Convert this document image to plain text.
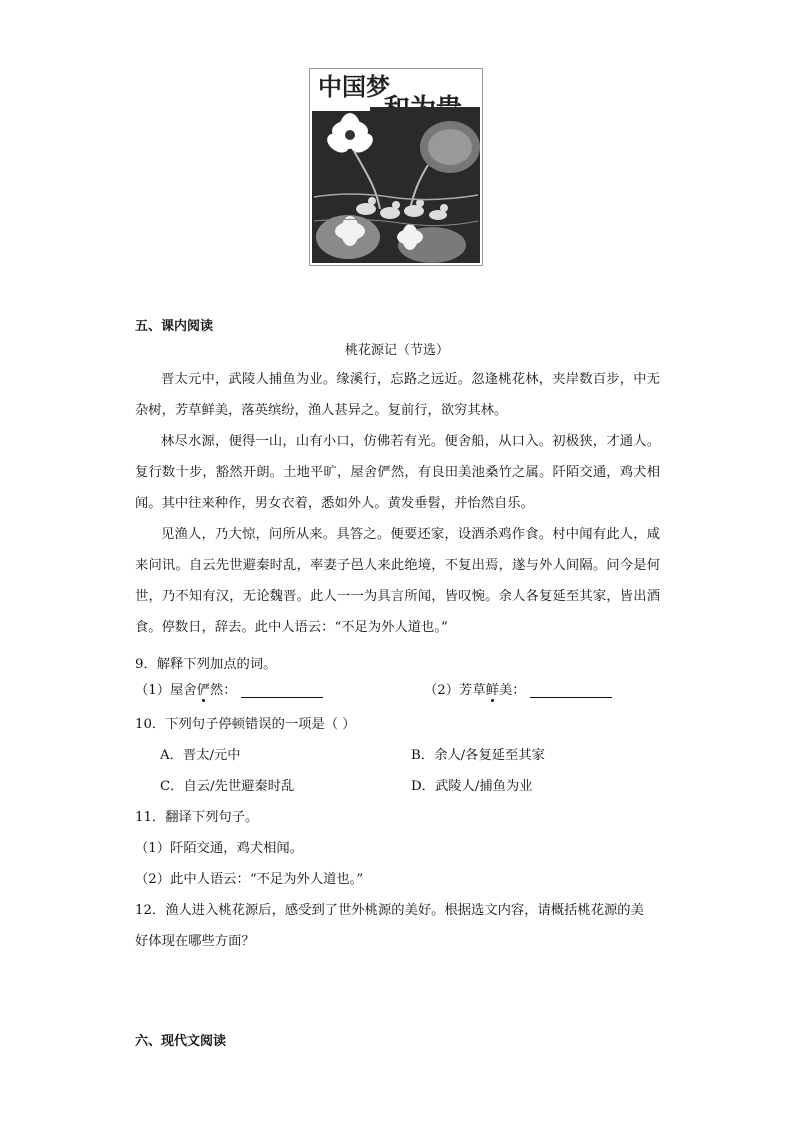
中国梦
五、课内阅读
桃花源记（节选）

晋太元中，武陵人捕鱼为业。缘溪行，忘路之远近。忽逢桃花林，夹岸数百步，中无杂树，芳草鲜美，落英缤纷，渔人甚异之。复前行，欲穷其林。

林尽水源，便得一山，山有小口，仿佛若有光。便舍船，从口入。初极狭，才通人。复行数十步，豁然开朗。土地平旷，屋舍俨然，有良田美池桑竹之属。阡陌交通，鸡犬相闻。其中往来种作，男女衣着，悉如外人。黄发垂髫，并怡然自乐。

见渔人，乃大惊，问所从来。具答之。便要还家，设酒杀鸡作食。村中闻有此人，咸来问讯。自云先世避秦时乱，率妻子邑人来此绝境，不复出焉，遂与外人间隔。问今是何世，乃不知有汉，无论魏晋。此人一一为具言所闻，皆叹惋。余人各复延至其家，皆出酒食。停数日，辞去。此中人语云：“不足为外人道也。”

9．解释下列加点的词。
（1）屋舍俨然：	（2）芳草鲜美：
10．下列句子停顿错误的一项是（ ）
A．晋太/元中	B．余人/各复延至其家
C．自云/先世避秦时乱	D．武陵人/捕鱼为业
11．翻译下列句子。
（1）阡陌交通，鸡犬相闻。
（2）此中人语云：“不足为外人道也。”
12．渔人进入桃花源后，感受到了世外桃源的美好。根据选文内容，请概括桃花源的美
好体现在哪些方面？
六、现代文阅读
